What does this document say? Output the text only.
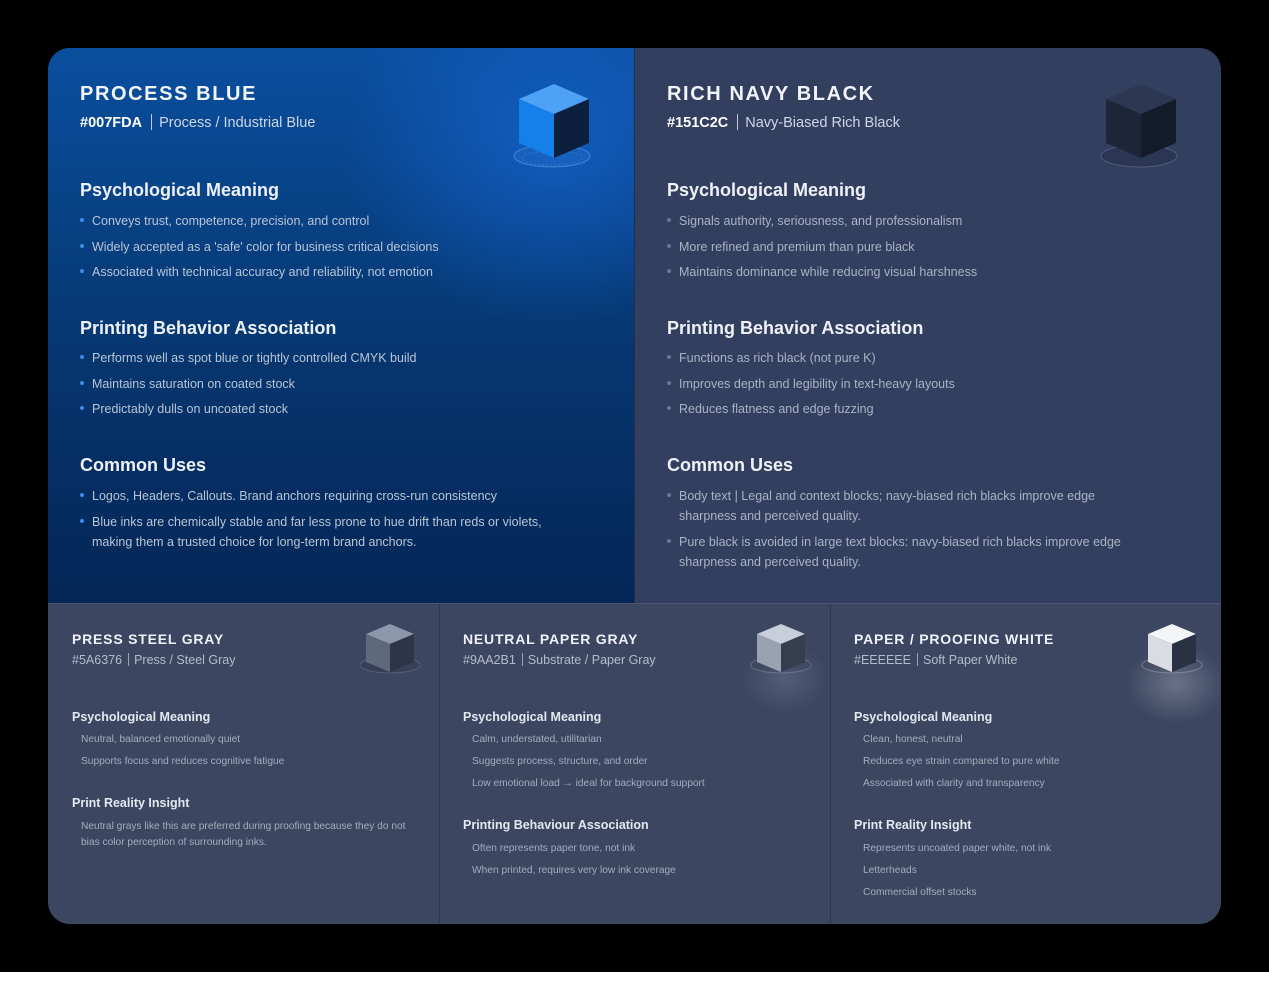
PROCESS BLUE
#007FDA Process / Industrial Blue
Psychological Meaning
Conveys trust, competence, precision, and control
Widely accepted as a 'safe' color for business critical decisions
Associated with technical accuracy and reliability, not emotion
Printing Behavior Association
Performs well as spot blue or tightly controlled CMYK build
Maintains saturation on coated stock
Predictably dulls on uncoated stock
Common Uses
Logos, Headers, Callouts. Brand anchors requiring cross-run consistency
Blue inks are chemically stable and far less prone to hue drift than reds or violets, making them a trusted choice for long-term brand anchors.
RICH NAVY BLACK
#151C2C Navy-Biased Rich Black
Psychological Meaning
Signals authority, seriousness, and professionalism
More refined and premium than pure black
Maintains dominance while reducing visual harshness
Printing Behavior Association
Functions as rich black (not pure K)
Improves depth and legibility in text-heavy layouts
Reduces flatness and edge fuzzing
Common Uses
Body text | Legal and context blocks; navy-biased rich blacks improve edge sharpness and perceived quality.
Pure black is avoided in large text blocks: navy-biased rich blacks improve edge sharpness and perceived quality.
PRESS STEEL GRAY
#5A6376 Press / Steel Gray
Psychological Meaning
Neutral, balanced emotionally quiet
Supports focus and reduces cognitive fatigue
Print Reality Insight

Neutral grays like this are preferred during proofing because they do not bias color perception of surrounding inks.

NEUTRAL PAPER GRAY
#9AA2B1 Substrate / Paper Gray
Psychological Meaning
Calm, understated, utilitarian
Suggests process, structure, and order
Low emotional load → ideal for background support
Printing Behaviour Association
Often represents paper tone, not ink
When printed, requires very low ink coverage
PAPER / PROOFING WHITE
#EEEEEE Soft Paper White
Psychological Meaning
Clean, honest, neutral
Reduces eye strain compared to pure white
Associated with clarity and transparency
Print Reality Insight
Represents uncoated paper white, not ink
Letterheads
Commercial offset stocks
